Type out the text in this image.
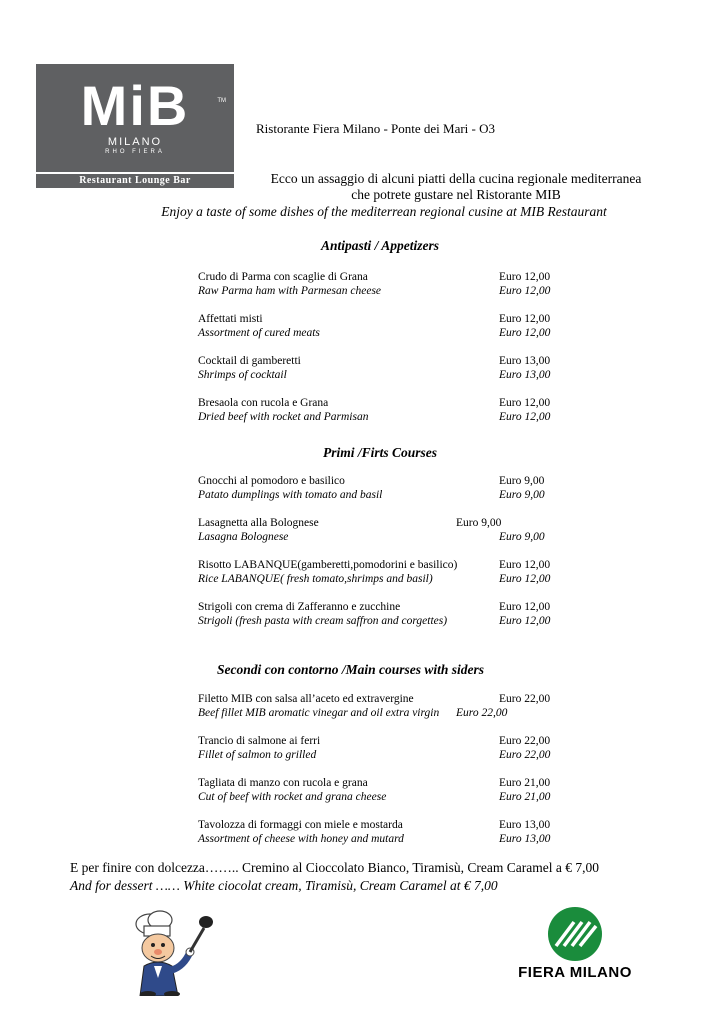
MiB	TM
MILANO
RHO FIERA
Restaurant Lounge Bar
Ristorante Fiera Milano - Ponte dei Mari - O3
Ecco un assaggio di alcuni piatti della cucina regionale mediterranea
che potrete gustare nel Ristorante MIB
Enjoy a taste of some dishes of the mediterrean regional cusine at MIB Restaurant
Antipasti / Appetizers
Crudo di Parma con scaglie di Grana	Euro 12,00
Raw Parma ham with Parmesan cheese	Euro 12,00
Affettati misti	Euro 12,00
Assortment of cured meats	Euro 12,00
Cocktail di gamberetti	Euro 13,00
Shrimps of cocktail	Euro 13,00
Bresaola con rucola e Grana	Euro 12,00
Dried beef with rocket and Parmisan	Euro 12,00
Primi /Firts Courses
Gnocchi al pomodoro e basilico	Euro 9,00
Patato dumplings with tomato and basil	Euro 9,00
Lasagnetta alla Bolognese	Euro 9,00
Lasagna Bolognese	Euro 9,00
Risotto LABANQUE(gamberetti,pomodorini e basilico)	Euro 12,00
Rice LABANQUE( fresh tomato,shrimps and basil)	Euro 12,00
Strigoli con crema di Zafferanno e zucchine	Euro 12,00
Strigoli (fresh pasta with cream saffron and corgettes)	Euro 12,00
Secondi con contorno /Main courses with siders
Filetto MIB con salsa all’aceto ed extravergine	Euro 22,00
Beef fillet MIB aromatic vinegar and oil extra virgin Euro 22,00
Trancio di salmone ai ferri	Euro 22,00
Fillet of salmon to grilled	Euro 22,00
Tagliata di manzo con rucola e grana	Euro 21,00
Cut of beef with rocket and grana cheese	Euro 21,00
Tavolozza di formaggi con miele e mostarda	Euro 13,00
Assortment of cheese with honey and mutard	Euro 13,00
E per finire con dolcezza…….. Cremino al Cioccolato Bianco, Tiramisù, Cream Caramel a € 7,00
And for dessert …… White ciocolat cream, Tiramisù, Cream Caramel at € 7,00
FIERA MILANO
